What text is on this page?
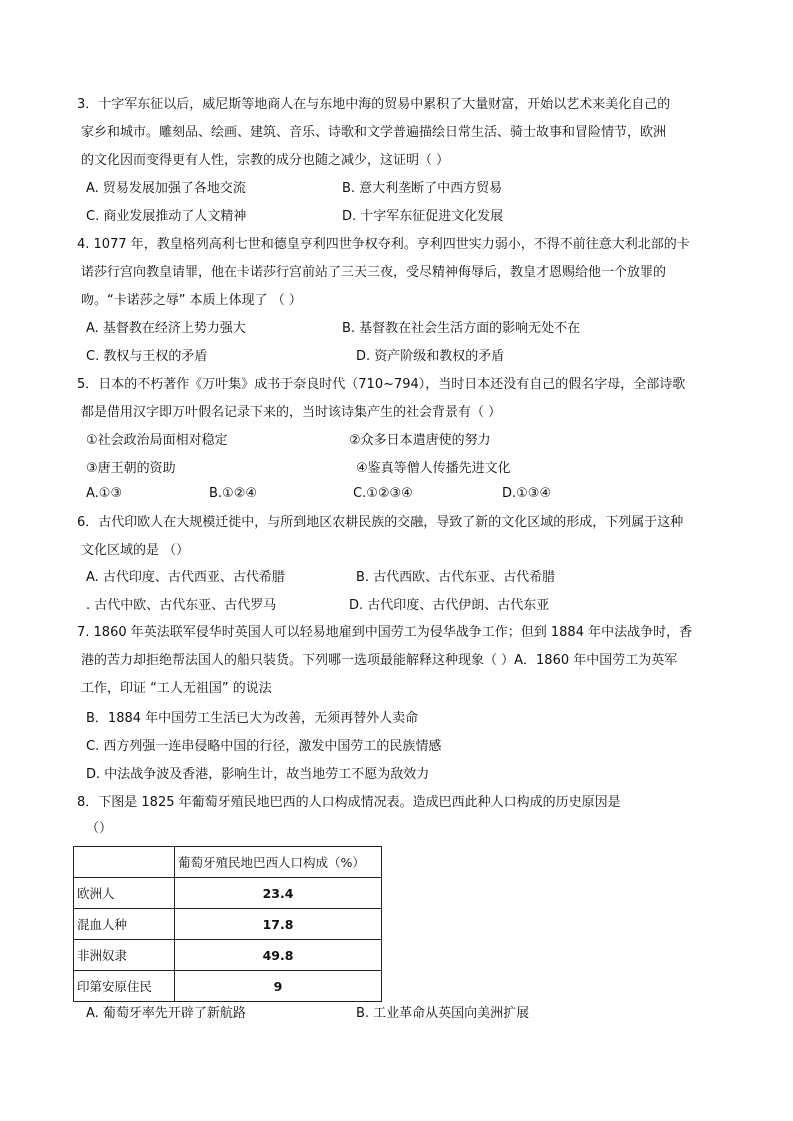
3．十字军东征以后，威尼斯等地商人在与东地中海的贸易中累积了大量财富，开始以艺术来美化自己的
家乡和城市。雕刻品、绘画、建筑、音乐、诗歌和文学普遍描绘日常生活、骑士故事和冒险情节，欧洲
的文化因而变得更有人性，宗教的成分也随之减少，这证明（ ）
A. 贸易发展加强了各地交流	B. 意大利垄断了中西方贸易
C. 商业发展推动了人文精神	D. 十字军东征促进文化发展
4. 1077 年，教皇格列高利七世和德皇亨利四世争权夺利。亨利四世实力弱小，不得不前往意大利北部的卡
诺莎行宫向教皇请罪，他在卡诺莎行宫前站了三天三夜，受尽精神侮辱后，教皇才恩赐给他一个放罪的
吻。“卡诺莎之辱” 本质上体现了 （ ）
A. 基督教在经济上势力强大	B. 基督教在社会生活方面的影响无处不在
C. 教权与王权的矛盾	D. 资产阶级和教权的矛盾
5．日本的不朽著作《万叶集》成书于奈良时代（710~794），当时日本还没有自己的假名字母，全部诗歌
都是借用汉字即万叶假名记录下来的，当时该诗集产生的社会背景有（ ）
①社会政治局面相对稳定	②众多日本遣唐使的努力
③唐王朝的资助	④鉴真等僧人传播先进文化
A.①③	B.①②④	C.①②③④	D.①③④
6．古代印欧人在大规模迁徙中，与所到地区农耕民族的交融，导致了新的文化区域的形成，下列属于这种
文化区域的是 （）
A. 古代印度、古代西亚、古代希腊	B. 古代西欧、古代东亚、古代希腊
. 古代中欧、古代东亚、古代罗马	D. 古代印度、古代伊朗、古代东亚
7. 1860 年英法联军侵华时英国人可以轻易地雇到中国劳工为侵华战争工作；但到 1884 年中法战争时，香
港的苦力却拒绝帮法国人的船只装货。下列哪一选项最能解释这种现象（ ）A．1860 年中国劳工为英军
工作，印证 “工人无祖国” 的说法
B．1884 年中国劳工生活已大为改善，无须再替外人卖命
C. 西方列强一连串侵略中国的行径，激发中国劳工的民族情感
D. 中法战争波及香港，影响生计，故当地劳工不愿为敌效力
8．下图是 1825 年葡萄牙殖民地巴西的人口构成情况表。造成巴西此种人口构成的历史原因是
（）
A. 葡萄牙率先开辟了新航路	B. 工业革命从英国向美洲扩展
	葡萄牙殖民地巴西人口构成（%）
欧洲人	23.4
混血人种	17.8
非洲奴隶	49.8
印第安原住民	9
